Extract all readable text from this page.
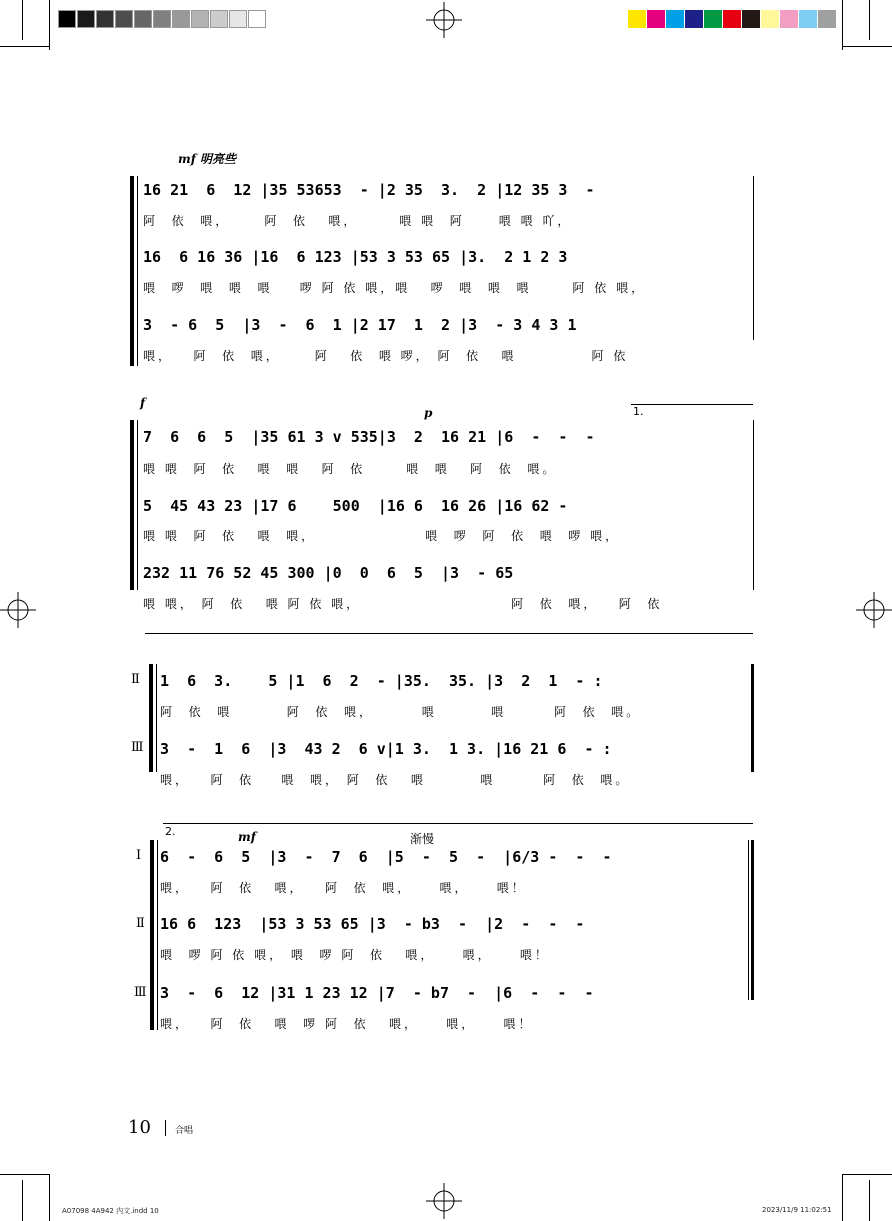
mf 明亮些
16 21  6  12 |35 53653  - |2 35  3.  2 |12 35 3  -
阿  依  喂，     阿  依   喂，      喂 喂  阿     喂 喂 吖，
16  6 16 36 |16  6 123 |53 3 53 65 |3.  2 1 2 3
喂  啰  喂  喂  喂    啰 阿 依 喂，喂   啰  喂  喂  喂      阿 依 喂，
3  - 6  5  |3  -  6  1 |2 17  1  2 |3  - 3 4 3 1
喂，   阿  依  喂，     阿   依  喂 啰， 阿  依   喂           阿 依
f
p	1.
7  6  6  5  |35 61 3 v 535|3  2  16 21 |6  -  -  -
喂 喂  阿  依   喂  喂   阿  依      喂  喂   阿  依  喂。
5  45 43 23 |17 6    500  |16 6  16 26 |16 62 -
喂 喂  阿  依   喂  喂，                喂  啰  阿  依  喂  啰 喂，
232 11 76 52 45 300 |0  0  6  5  |3  - 65
喂 喂， 阿  依   喂 阿 依 喂，                      阿  依  喂，   阿  依
Ⅱ
Ⅲ
1  6  3.    5 |1  6  2  - |35.  35. |3  2  1  - :
阿  依  喂        阿  依  喂，       喂        喂       阿  依  喂。
3  -  1  6  |3  43 2  6 v|1 3.  1 3. |16 21 6  - :
喂，   阿  依    喂  喂， 阿  依   喂        喂       阿  依  喂。
2.	mf	渐慢
Ⅰ
Ⅱ
Ⅲ
6  -  6  5  |3  -  7  6  |5  -  5  -  |6/3 -  -  -
喂，   阿  依   喂，   阿  依  喂，    喂，    喂！
16 6  123  |53 3 53 65 |3  - b3  -  |2  -  -  -
喂  啰 阿 依 喂， 喂  啰 阿  依   喂，    喂，    喂！
3  -  6  12 |31 1 23 12 |7  - b7  -  |6  -  -  -
喂，   阿  依   喂  啰 阿  依   喂，    喂，    喂！
10	合唱
A07098 4A942 内文.indd 10	2023/11/9 11:02:51
